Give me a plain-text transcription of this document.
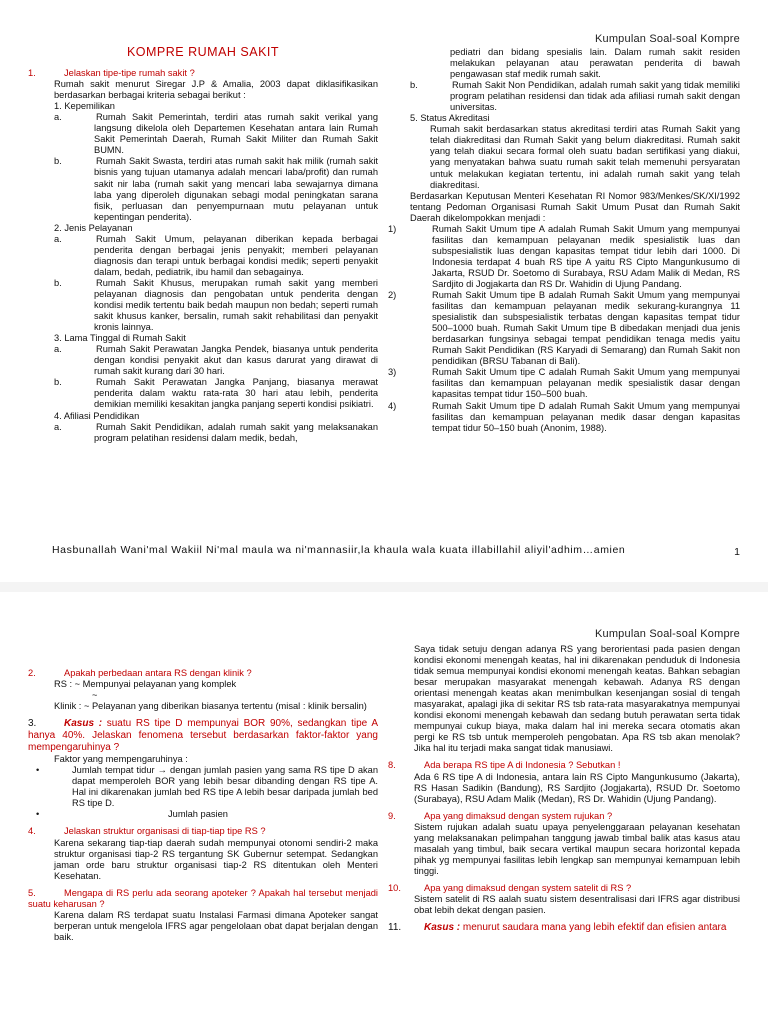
Kumpulan Soal-soal Kompre

KOMPRE RUMAH SAKIT

1.	Jelaskan tipe-tipe rumah sakit ?

Rumah sakit menurut Siregar J.P & Amalia, 2003 dapat diklasifikasikan berdasarkan berbagai kriteria sebagai berikut :

1. Kepemilikan

a.	Rumah Sakit Pemerintah, terdiri atas rumah sakit verikal yang langsung dikelola oleh Departemen Kesehatan antara lain Rumah Sakit Pemerintah Daerah, Rumah Sakit Militer dan Rumah Sakit BUMN.

b.	Rumah Sakit Swasta, terdiri atas rumah sakit hak milik (rumah sakit bisnis yang tujuan utamanya adalah mencari laba/profit) dan rumah sakit nir laba (rumah sakit yang mencari laba sewajarnya dimana laba yang diperoleh digunakan sebagi modal peningkatan sarana fisik, perluasan dan penyempurnaan mutu pelayanan untuk kepentingan penderita).

2. Jenis Pelayanan

a.	Rumah Sakit Umum, pelayanan diberikan kepada berbagai penderita dengan berbagai jenis penyakit; memberi pelayanan diagnosis dan terapi untuk berbagai kondisi medik; seperti penyakit dalam, bedah, pediatrik, ibu hamil dan sebagainya.

b.	Rumah Sakit Khusus, merupakan rumah sakit yang memberi pelayanan diagnosis dan pengobatan untuk penderita dengan kondisi medik tertentu baik bedah maupun non bedah; seperti rumah sakit khusus kanker, bersalin, rumah sakit rehabilitasi dan penyakit kronis lainnya.

3. Lama Tinggal di Rumah Sakit

a.	Rumah Sakit Perawatan Jangka Pendek, biasanya untuk penderita dengan kondisi penyakit akut dan kasus darurat yang dirawat di rumah sakit kurang dari 30 hari.

b.	Rumah Sakit Perawatan Jangka Panjang, biasanya merawat penderita dalam waktu rata-rata 30 hari atau lebih, penderita demikian memiliki kesakitan jangka panjang seperti kondisi psikiatri.

4. Afiliasi Pendidikan

a.	Rumah Sakit Pendidikan, adalah rumah sakit yang melaksanakan program pelatihan residensi dalam medik, bedah,

pediatri dan bidang spesialis lain. Dalam rumah sakit residen melakukan pelayanan atau perawatan penderita di bawah pengawasan staf medik rumah sakit.

b.	Rumah Sakit Non Pendidikan, adalah rumah sakit yang tidak memiliki program pelatihan residensi dan tidak ada afiliasi rumah sakit dengan universitas.

5. Status Akreditasi

Rumah sakit berdasarkan status akreditasi terdiri atas Rumah Sakit yang telah diakreditasi dan Rumah Sakit yang belum diakreditasi. Rumah sakit yang telah diakui secara formal oleh suatu badan sertifikasi yang diakui, yang menyatakan bahwa suatu rumah sakit telah memenuhi persyaratan untuk melakukan kegiatan tertentu, ini adalah rumah sakit yang telah diakreditasi.

Berdasarkan Keputusan Menteri Kesehatan RI Nomor 983/Menkes/SK/XI/1992 tentang Pedoman Organisasi Rumah Sakit Umum Pusat dan Rumah Sakit Daerah dikelompokkan menjadi :

1)	Rumah Sakit Umum tipe A adalah Rumah Sakit Umum yang mempunyai fasilitas dan kemampuan pelayanan medik spesialistik luas dan subspesialistik luas dengan kapasitas tempat tidur lebih dari 1000. Di Indonesia terdapat 4 buah RS tipe A yaitu RS Cipto Mangunkusumo di Jakarta, RSUD Dr. Soetomo di Surabaya, RSU Adam Malik di Medan, RS Sardjito di Jogjakarta dan RS Dr. Wahidin di Ujung Pandang.

2)	Rumah Sakit Umum tipe B adalah Rumah Sakit Umum yang mempunyai fasilitas dan kemampuan pelayanan medik sekurang-kurangnya 11 spesialistik dan subspesialistik terbatas dengan kapasitas tempat tidur 500–1000 buah. Rumah Sakit Umum tipe B dibedakan menjadi dua jenis berdasarkan fungsinya sebagai tempat pendidikan tenaga medis yaitu Rumah Sakit Pendidikan (RS Karyadi di Semarang) dan Rumah Sakit non pendidikan (BRSU Tabanan di Bali).

3)	Rumah Sakit Umum tipe C adalah Rumah Sakit Umum yang mempunyai fasilitas dan kemampuan pelayanan medik spesialistik dasar dengan kapasitas tempat tidur 150–500 buah.

4)	Rumah Sakit Umum tipe D adalah Rumah Sakit Umum yang mempunyai fasilitas dan kemampuan pelayanan medik dasar dengan kapasitas tempat tidur 50–150 buah (Anonim, 1988).

Hasbunallah Wani'mal Wakiil Ni'mal maula wa ni'mannasiir,la khaula wala kuata illabillahil aliyil'adhim…amien	1
Kumpulan Soal-soal Kompre

2.	Apakah perbedaan antara RS dengan klinik ?

RS : ~ Mempunyai pelayanan yang komplek

~

Klinik : ~ Pelayanan yang diberikan biasanya tertentu (misal : klinik bersalin)

3.	Kasus : suatu RS tipe D mempunyai BOR 90%, sedangkan tipe A hanya 40%. Jelaskan fenomena tersebut berdasarkan faktor-faktor yang mempengaruhinya ?

Faktor yang mempengaruhinya :

•	Jumlah tempat tidur → dengan jumlah pasien yang sama RS tipe D akan dapat memperoleh BOR yang lebih besar dibanding dengan RS tipe A. Hal ini dikarenakan jumlah bed RS tipe A lebih besar daripada jumlah bed RS tipe D.

•	Jumlah pasien

4.	Jelaskan struktur organisasi di tiap-tiap tipe RS ?

Karena sekarang tiap-tiap daerah sudah mempunyai otonomi sendiri-2 maka struktur organisasi tiap-2 RS tergantung SK Gubernur setempat. Sedangkan jaman orde baru struktur organisasi tiap-2 RS ditentukan oleh Menteri Kesehatan.

5.	Mengapa di RS perlu ada seorang apoteker ? Apakah hal tersebut menjadi suatu keharusan ?

Karena dalam RS terdapat suatu Instalasi Farmasi dimana Apoteker sangat berperan untuk mengelola IFRS agar pengelolaan obat dapat berjalan dengan baik.

Saya tidak setuju dengan adanya RS yang berorientasi pada pasien dengan kondisi ekonomi menengah keatas, hal ini dikarenakan penduduk di Indonesia tidak semua mempunyai kondisi ekonomi menengah keatas. Bahkan sebagian besar merupakan masyarakat menengah kebawah. Adanya RS dengan orientasi menengah keatas akan menimbulkan kesenjangan sosial di tengah masyarakat, apalagi jika di sekitar RS tsb rata-rata masyarakatnya mempunyai kondisi ekonomi menengah kebawah dan sedang butuh perawatan serta tidak mempunyai cukup biaya, maka dalam hal ini mereka secara otomatis akan pergi ke RS tsb untuk memperoleh pengobatan. Apa RS tsb akan menolak? Jika hal itu terjadi maka sangat tidak manusiawi.

8.	Ada berapa RS tipe A di Indonesia ? Sebutkan !

Ada 6 RS tipe A di Indonesia, antara lain RS Cipto Mangunkusumo (Jakarta), RS Hasan Sadikin (Bandung), RS Sardjito (Jogjakarta), RSUD Dr. Soetomo (Surabaya), RSU Adam Malik (Medan), RS Dr. Wahidin (Ujung Pandang).

9.	Apa yang dimaksud dengan system rujukan ?

Sistem rujukan adalah suatu upaya penyelenggaraan pelayanan kesehatan yang melaksanakan pelimpahan tanggung jawab timbal balik atas kasus atau masalah yang timbul, baik secara vertikal maupun secara horizontal kepada pihak yg mempunyai fasilitas lebih lengkap san mempunyai kemampuan lebih tinggi.

10. Apa yang dimaksud dengan system satelit di RS ?

Sistem satelit di RS aalah suatu sistem desentralisasi dari IFRS agar distribusi obat lebih dekat dengan pasien.

11. Kasus : menurut saudara mana yang lebih efektif dan efisien antara
